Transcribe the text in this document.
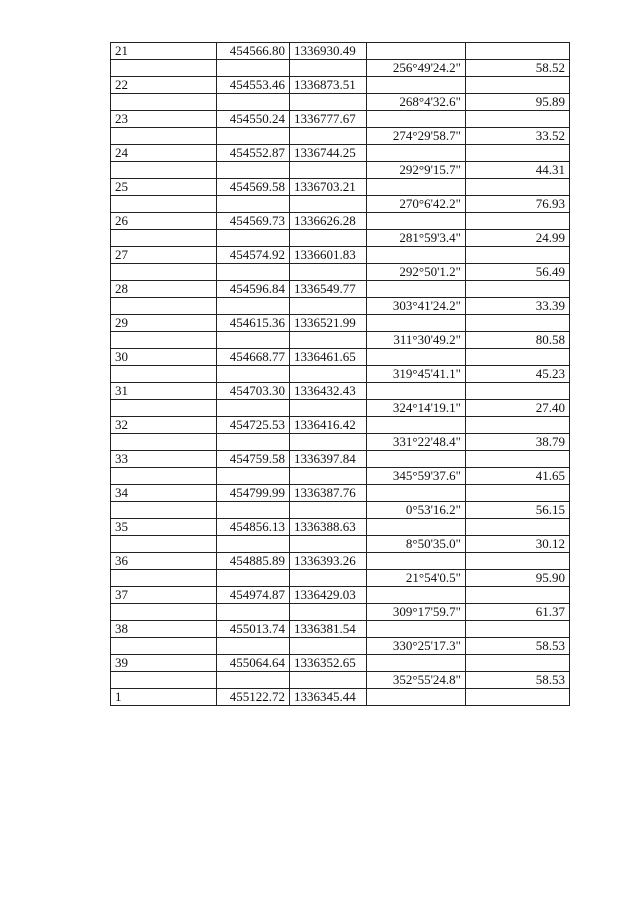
21	454566.80	1336930.49		
			256°49'24.2"	58.52
22	454553.46	1336873.51		
			268°4'32.6"	95.89
23	454550.24	1336777.67		
			274°29'58.7"	33.52
24	454552.87	1336744.25		
			292°9'15.7"	44.31
25	454569.58	1336703.21		
			270°6'42.2"	76.93
26	454569.73	1336626.28		
			281°59'3.4"	24.99
27	454574.92	1336601.83		
			292°50'1.2"	56.49
28	454596.84	1336549.77		
			303°41'24.2"	33.39
29	454615.36	1336521.99		
			311°30'49.2"	80.58
30	454668.77	1336461.65		
			319°45'41.1"	45.23
31	454703.30	1336432.43		
			324°14'19.1"	27.40
32	454725.53	1336416.42		
			331°22'48.4"	38.79
33	454759.58	1336397.84		
			345°59'37.6"	41.65
34	454799.99	1336387.76		
			0°53'16.2"	56.15
35	454856.13	1336388.63		
			8°50'35.0"	30.12
36	454885.89	1336393.26		
			21°54'0.5"	95.90
37	454974.87	1336429.03		
			309°17'59.7"	61.37
38	455013.74	1336381.54		
			330°25'17.3"	58.53
39	455064.64	1336352.65		
			352°55'24.8"	58.53
1	455122.72	1336345.44		
